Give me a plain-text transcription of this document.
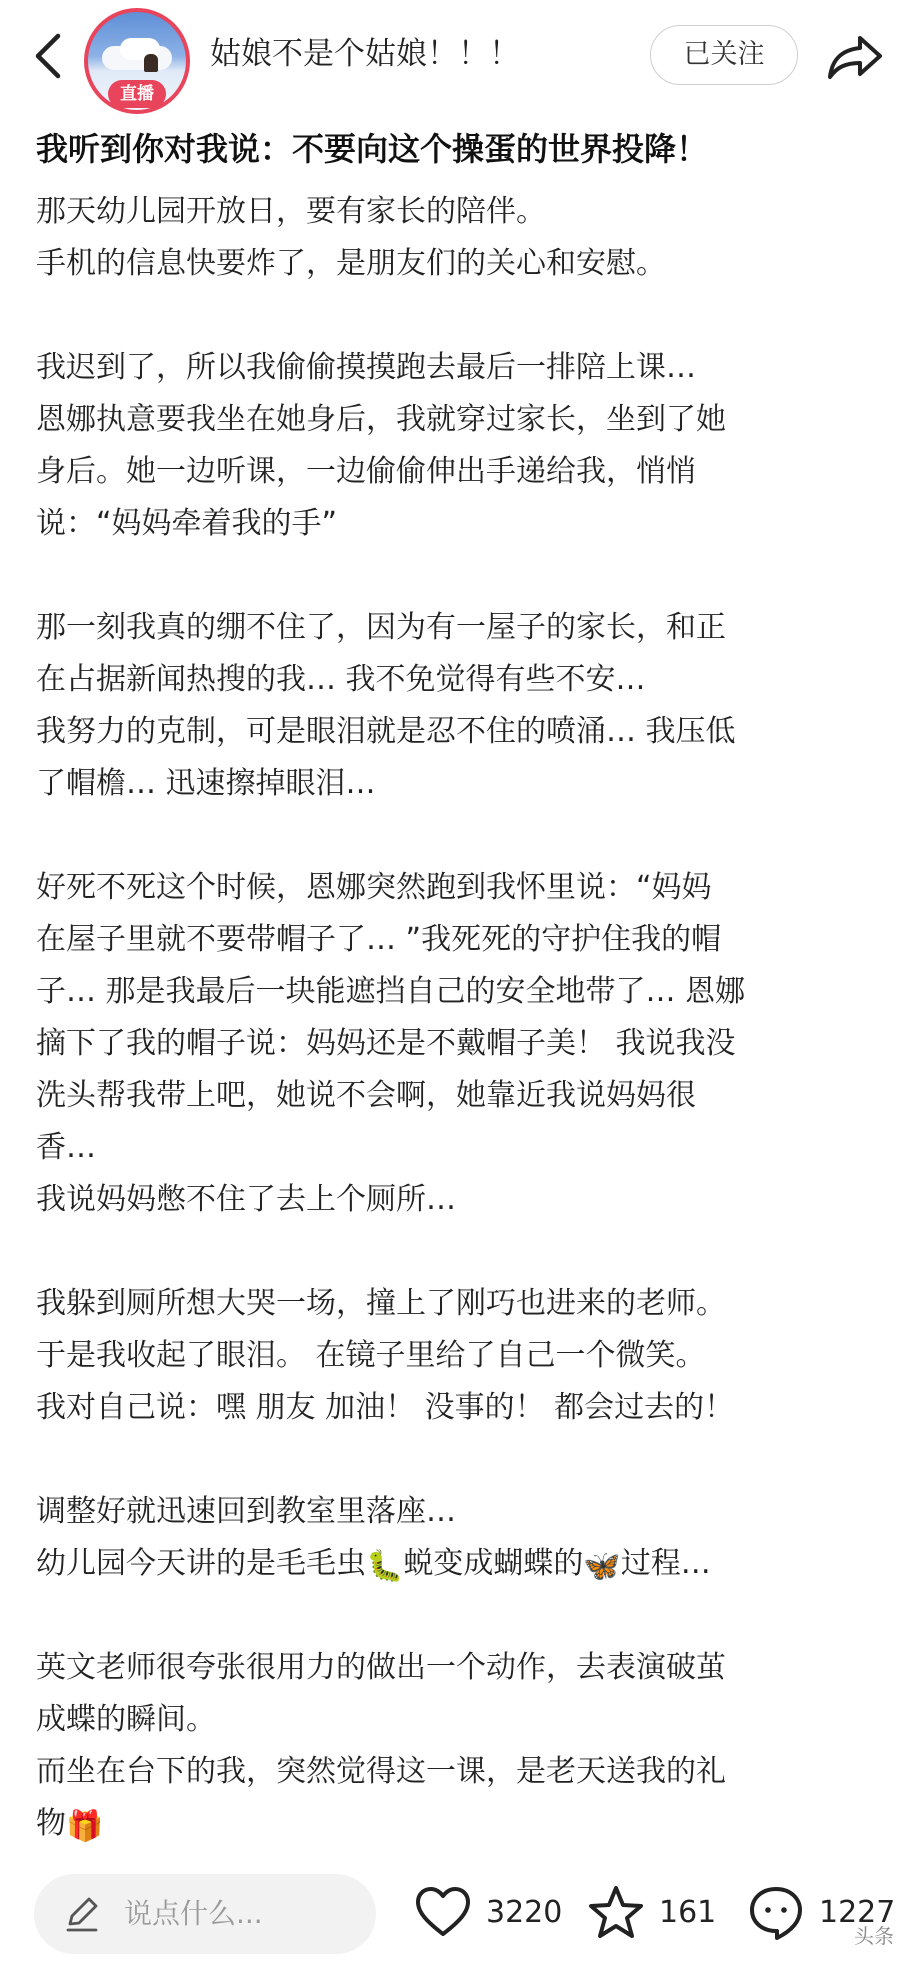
直播
姑娘不是个姑娘！！！	已关注
我听到你对我说：不要向这个操蛋的世界投降！

那天幼儿园开放日，要有家长的陪伴。

手机的信息快要炸了，是朋友们的关心和安慰。

我迟到了，所以我偷偷摸摸跑去最后一排陪上课…

恩娜执意要我坐在她身后，我就穿过家长，坐到了她

身后。她一边听课，一边偷偷伸出手递给我，悄悄

说：“妈妈牵着我的手”

那一刻我真的绷不住了，因为有一屋子的家长，和正

在占据新闻热搜的我… 我不免觉得有些不安…

我努力的克制，可是眼泪就是忍不住的喷涌… 我压低

了帽檐… 迅速擦掉眼泪…

好死不死这个时候，恩娜突然跑到我怀里说：“妈妈

在屋子里就不要带帽子了… ”我死死的守护住我的帽

子… 那是我最后一块能遮挡自己的安全地带了… 恩娜

摘下了我的帽子说：妈妈还是不戴帽子美！ 我说我没

洗头帮我带上吧，她说不会啊，她靠近我说妈妈很

香…

我说妈妈憋不住了去上个厕所…

我躲到厕所想大哭一场，撞上了刚巧也进来的老师。

于是我收起了眼泪。 在镜子里给了自己一个微笑。

我对自己说：嘿 朋友 加油！ 没事的！ 都会过去的！

调整好就迅速回到教室里落座…

幼儿园今天讲的是毛毛虫🐛蜕变成蝴蝶的🦋过程…

英文老师很夸张很用力的做出一个动作，去表演破茧

成蝶的瞬间。

而坐在台下的我，突然觉得这一课，是老天送我的礼

物🎁

说点什么...	3220	161	1227
头条
